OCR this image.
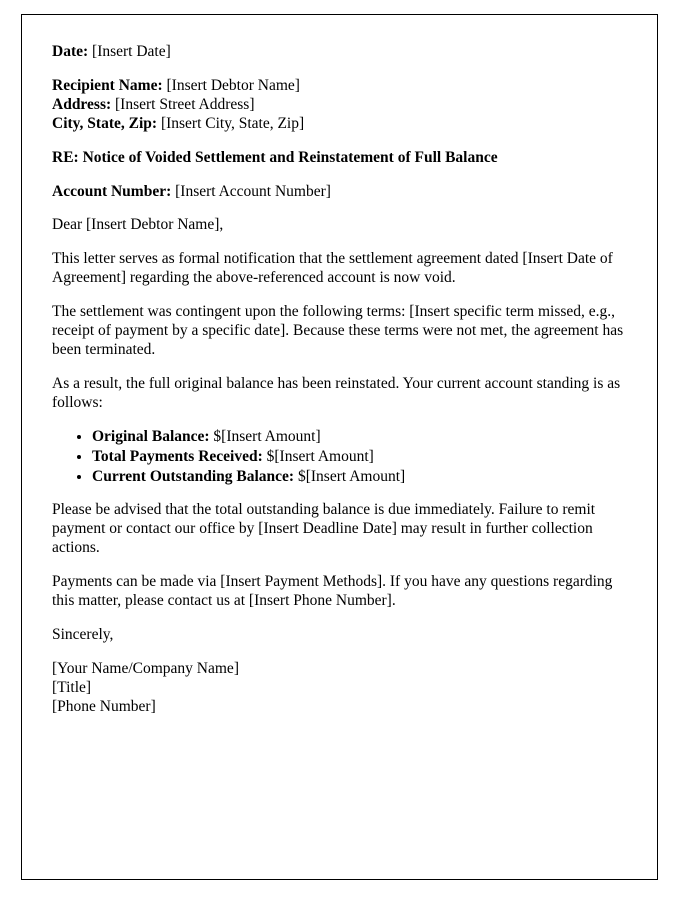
Date: [Insert Date]

Recipient Name: [Insert Debtor Name]

Address: [Insert Street Address]

City, State, Zip: [Insert City, State, Zip]

RE: Notice of Voided Settlement and Reinstatement of Full Balance

Account Number: [Insert Account Number]

Dear [Insert Debtor Name],

This letter serves as formal notification that the settlement agreement dated [Insert Date of Agreement] regarding the above-referenced account is now void.

The settlement was contingent upon the following terms: [Insert specific term missed, e.g., receipt of payment by a specific date]. Because these terms were not met, the agreement has been terminated.

As a result, the full original balance has been reinstated. Your current account standing is as follows:

• Original Balance: $[Insert Amount]
• Total Payments Received: $[Insert Amount]
• Current Outstanding Balance: $[Insert Amount]

Please be advised that the total outstanding balance is due immediately. Failure to remit payment or contact our office by [Insert Deadline Date] may result in further collection actions.

Payments can be made via [Insert Payment Methods]. If you have any questions regarding this matter, please contact us at [Insert Phone Number].

Sincerely,

[Your Name/Company Name]
[Title]
[Phone Number]
